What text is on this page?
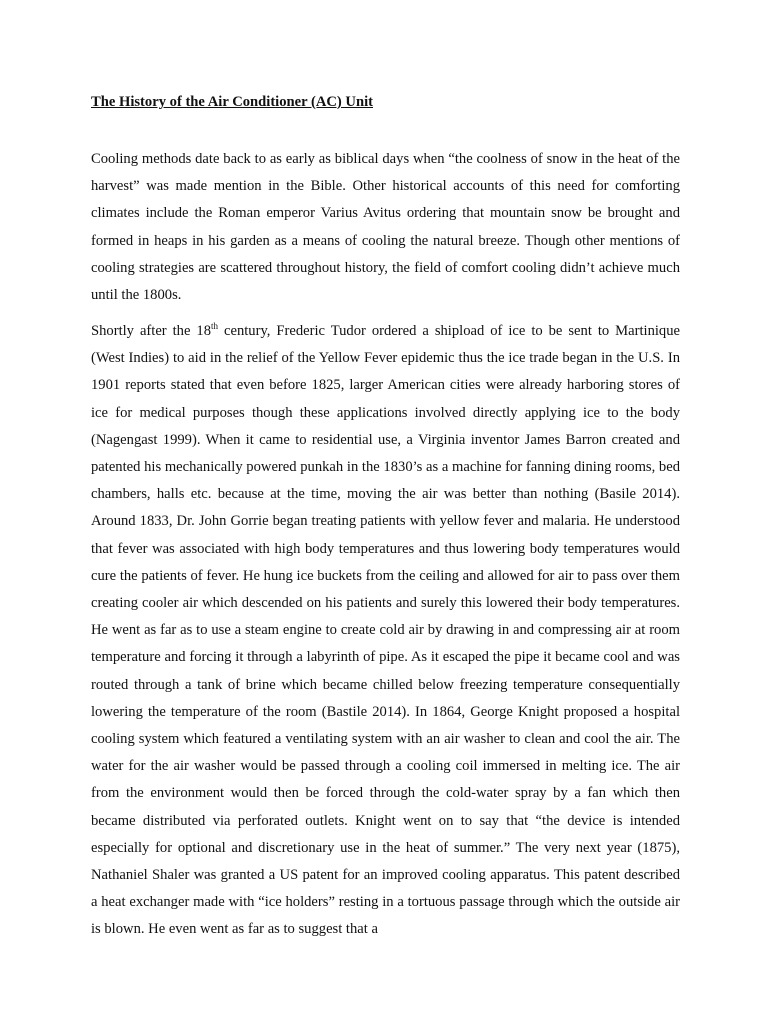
The History of the Air Conditioner (AC) Unit

Cooling methods date back to as early as biblical days when “the coolness of snow in the heat of the harvest” was made mention in the Bible. Other historical accounts of this need for comforting climates include the Roman emperor Varius Avitus ordering that mountain snow be brought and formed in heaps in his garden as a means of cooling the natural breeze. Though other mentions of cooling strategies are scattered throughout history, the field of comfort cooling didn’t achieve much until the 1800s.

Shortly after the 18th century, Frederic Tudor ordered a shipload of ice to be sent to Martinique (West Indies) to aid in the relief of the Yellow Fever epidemic thus the ice trade began in the U.S. In 1901 reports stated that even before 1825, larger American cities were already harboring stores of ice for medical purposes though these applications involved directly applying ice to the body (Nagengast 1999). When it came to residential use, a Virginia inventor James Barron created and patented his mechanically powered punkah in the 1830’s as a machine for fanning dining rooms, bed chambers, halls etc. because at the time, moving the air was better than nothing (Basile 2014). Around 1833, Dr. John Gorrie began treating patients with yellow fever and malaria. He understood that fever was associated with high body temperatures and thus lowering body temperatures would cure the patients of fever. He hung ice buckets from the ceiling and allowed for air to pass over them creating cooler air which descended on his patients and surely this lowered their body temperatures. He went as far as to use a steam engine to create cold air by drawing in and compressing air at room temperature and forcing it through a labyrinth of pipe. As it escaped the pipe it became cool and was routed through a tank of brine which became chilled below freezing temperature consequentially lowering the temperature of the room (Bastile 2014). In 1864, George Knight proposed a hospital cooling system which featured a ventilating system with an air washer to clean and cool the air. The water for the air washer would be passed through a cooling coil immersed in melting ice. The air from the environment would then be forced through the cold-water spray by a fan which then became distributed via perforated outlets. Knight went on to say that “the device is intended especially for optional and discretionary use in the heat of summer.” The very next year (1875), Nathaniel Shaler was granted a US patent for an improved cooling apparatus. This patent described a heat exchanger made with “ice holders” resting in a tortuous passage through which the outside air is blown. He even went as far as to suggest that a
